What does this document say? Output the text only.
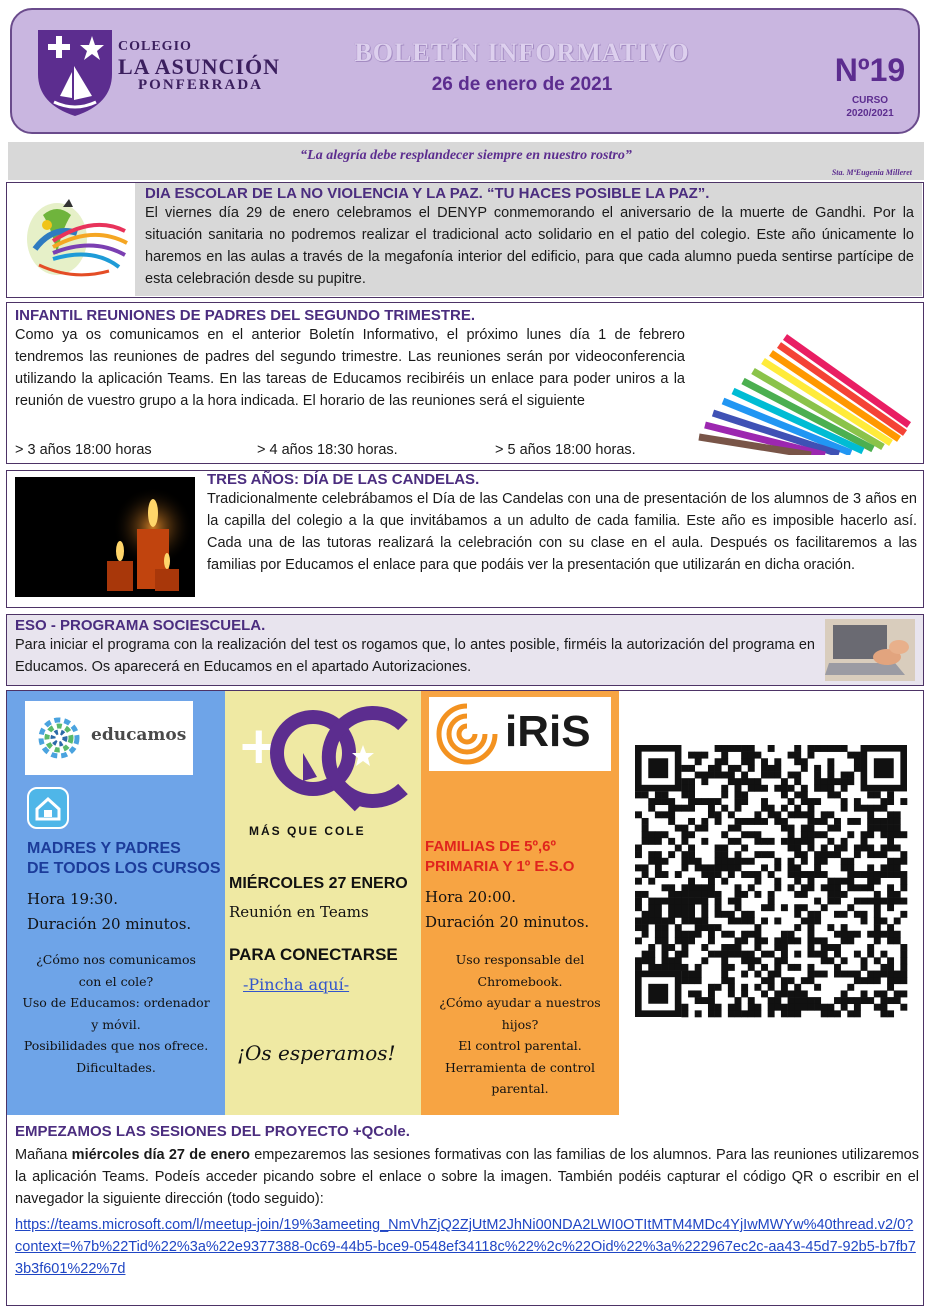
COLEGIO
LA ASUNCIÓN
PONFERRADA
BOLETÍN INFORMATIVO
26 de enero de 2021	Nº19
CURSO
2020/2021
“La alegría debe resplandecer siempre en nuestro rostro”
Sta. MªEugenia Milleret
DIA ESCOLAR DE LA NO VIOLENCIA Y LA PAZ. “TU HACES POSIBLE LA PAZ”.
El viernes día 29 de enero celebramos el DENYP conmemorando el aniversario de la muerte de Gandhi. Por la situación sanitaria no podremos realizar el tradicional acto solidario en el patio del colegio. Este año únicamente lo haremos en las aulas a través de la megafonía interior del edificio, para que cada alumno pueda sentirse partícipe de esta celebración desde su pupitre.
INFANTIL REUNIONES DE PADRES DEL SEGUNDO TRIMESTRE.
Como ya os comunicamos en el anterior Boletín Informativo, el próximo lunes día 1 de febrero tendremos las reuniones de padres del segundo trimestre. Las reuniones serán por videoconferencia utilizando la aplicación Teams. En las tareas de Educamos recibiréis un enlace para poder uniros a la reunión de vuestro grupo a la hora indicada. El horario de las reuniones será el siguiente
> 3 años 18:00 horas	> 4 años 18:30 horas.	> 5 años 18:00 horas.
TRES AÑOS: DÍA DE LAS CANDELAS.
Tradicionalmente celebrábamos el Día de las Candelas con una de presentación de los alumnos de 3 años en la capilla del colegio a la que invitábamos a un adulto de cada familia. Este año es imposible hacerlo así. Cada una de las tutoras realizará la celebración con su clase en el aula. Después os facilitaremos a las familias por Educamos el enlace para que podáis ver la presentación que utilizarán en dicha oración.
ESO - PROGRAMA SOCIESCUELA.
Para iniciar el programa con la realización del test os rogamos que, lo antes posible, firméis la autorización del programa en Educamos. Os aparecerá en Educamos en el apartado Autorizaciones.
educamos
MADRES Y PADRES
DE TODOS LOS CURSOS
Hora 19:30.
Duración 20 minutos.
¿Cómo nos comunicamos
con el cole?
Uso de Educamos: ordenador
y móvil.
Posibilidades que nos ofrece.
Dificultades.
+
MÁS QUE COLE
MIÉRCOLES 27 ENERO
Reunión en Teams
PARA CONECTARSE
-Pincha aquí-
¡Os esperamos!
iRiS
FAMILIAS DE 5º,6º
PRIMARIA Y 1º E.S.O
Hora 20:00.
Duración 20 minutos.
Uso responsable del
Chromebook.
¿Cómo ayudar a nuestros
hijos?
El control parental.
Herramienta de control
parental.
EMPEZAMOS LAS SESIONES DEL PROYECTO +QCole.
Mañana miércoles día 27 de enero empezaremos las sesiones formativas con las familias de los alumnos. Para las reuniones utilizaremos la aplicación Teams. Podeís acceder picando sobre el enlace o sobre la imagen. También podéis capturar el código QR o escribir en el navegador la siguiente dirección (todo seguido):
https://teams.microsoft.com/l/meetup-join/19%3ameeting_NmVhZjQ2ZjUtM2JhNi00NDA2LWI0OTItMTM4MDc4YjIwMWYw%40thread.v2/0?context=%7b%22Tid%22%3a%22e9377388-0c69-44b5-bce9-0548ef34118c%22%2c%22Oid%22%3a%222967ec2c-aa43-45d7-92b5-b7fb73b3f601%22%7d
